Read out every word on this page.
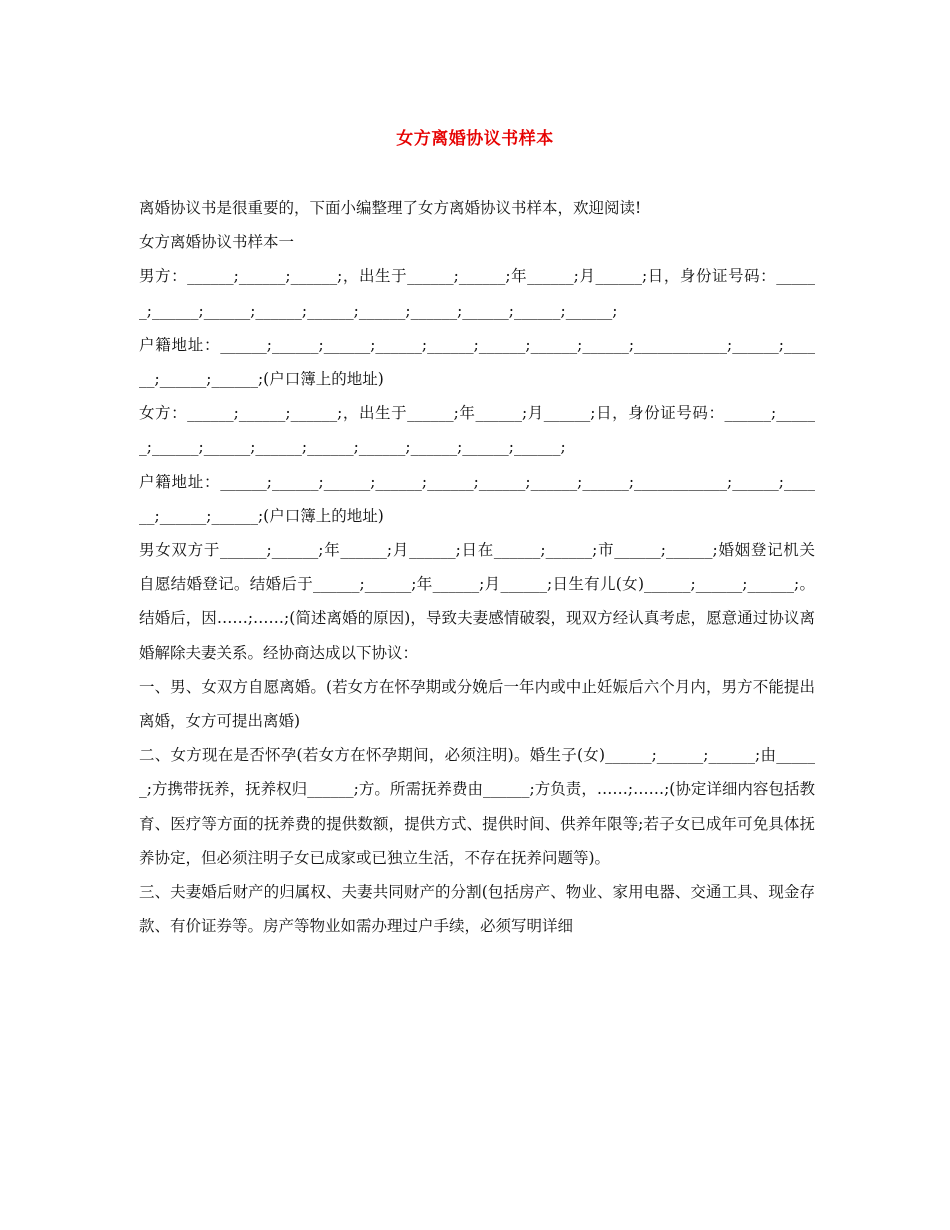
女方离婚协议书样本

离婚协议书是很重要的，下面小编整理了女方离婚协议书样本，欢迎阅读!

女方离婚协议书样本一

男方：______;______;______;，出生于______;______;年______;月______;日，身份证号码：______;______;______;______;______;______;______;______;______;______;

户籍地址：______;______;______;______;______;______;______;______;____________;______;______;______;______;(户口簿上的地址)

女方：______;______;______;，出生于______;年______;月______;日，身份证号码：______;______;______;______;______;______;______;______;______;______;

户籍地址：______;______;______;______;______;______;______;______;____________;______;______;______;______;(户口簿上的地址)

男女双方于______;______;年______;月______;日在______;______;市______;______;婚姻登记机关自愿结婚登记。结婚后于______;______;年______;月______;日生有儿(女)______;______;______;。结婚后，因……;……;(简述离婚的原因)，导致夫妻感情破裂，现双方经认真考虑，愿意通过协议离婚解除夫妻关系。经协商达成以下协议：

一、男、女双方自愿离婚。(若女方在怀孕期或分娩后一年内或中止妊娠后六个月内，男方不能提出离婚，女方可提出离婚)

二、女方现在是否怀孕(若女方在怀孕期间，必须注明)。婚生子(女)______;______;______;由______;方携带抚养，抚养权归______;方。所需抚养费由______;方负责，……;……;(协定详细内容包括教育、医疗等方面的抚养费的提供数额，提供方式、提供时间、供养年限等;若子女已成年可免具体抚养协定，但必须注明子女已成家或已独立生活，不存在抚养问题等)。

三、夫妻婚后财产的归属权、夫妻共同财产的分割(包括房产、物业、家用电器、交通工具、现金存款、有价证券等。房产等物业如需办理过户手续，必须写明详细
